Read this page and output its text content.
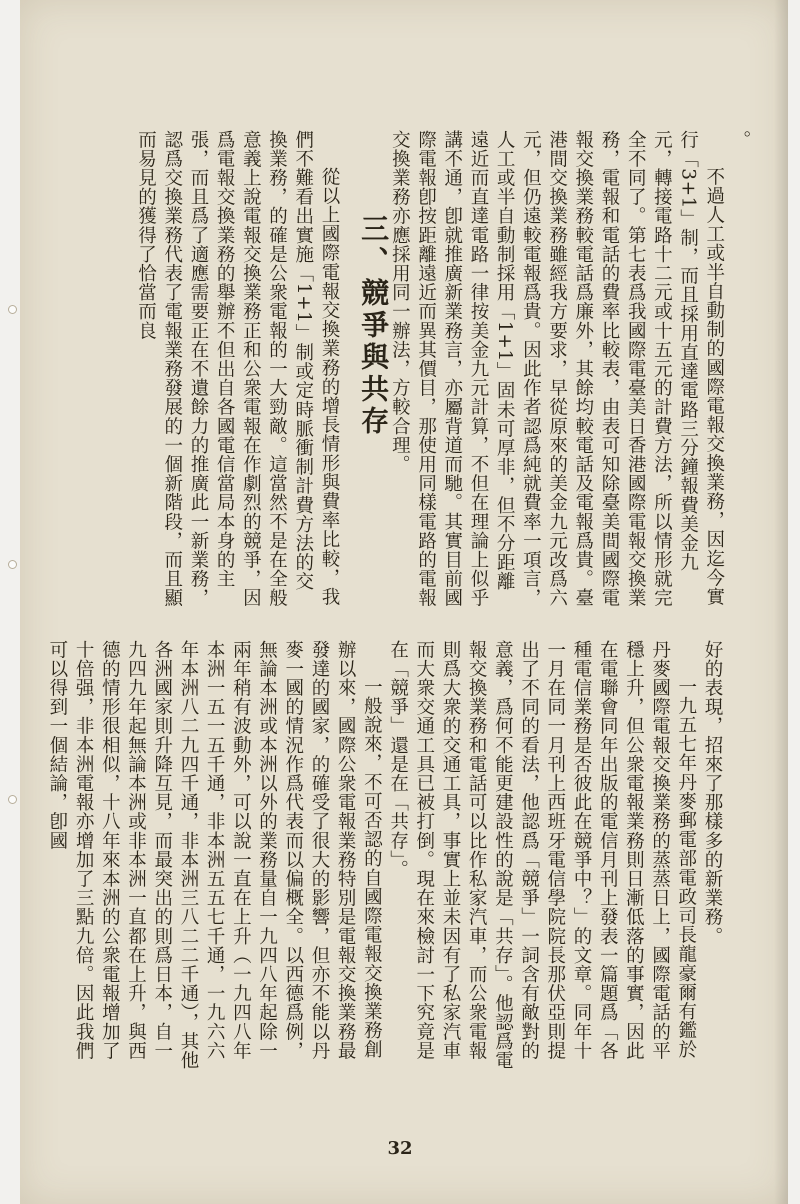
。

不過人工或半自動制的國際電報交換業務，因迄今實行「3+1」制，而且採用直達電路三分鐘報費美金九元，轉接電路十二元或十五元的計費方法，所以情形就完全不同了。第七表爲我國際電臺美日香港國際電報交換業務，電報和電話的費率比較表，由表可知除臺美間國際電報交換業務較電話爲廉外，其餘均較電話及電報爲貴。臺港間交換業務雖經我方要求，早從原來的美金九元改爲六元，但仍遠較電報爲貴。因此作者認爲純就費率一項言，人工或半自動制採用「1+1」固未可厚非，但不分距離遠近而直達電路一律按美金九元計算，不但在理論上似乎講不通，卽就推廣新業務言，亦屬背道而馳。其實目前國際電報卽按距離遠近而異其價目，那使用同樣電路的電報交換業務亦應採用同一辦法，方較合理。

三、競爭與共存

從以上國際電報交換業務的增長情形與費率比較，我們不難看出實施「1+1」制或定時脈衝制計費方法的交換業務，的確是公衆電報的一大勁敵。這當然不是在全般意義上說電報交換業務正和公衆電報在作劇烈的競爭，因爲電報交換業務的舉辦不但出自各國電信當局本身的主張，而且爲了適應需要正在不遺餘力的推廣此一新業務，認爲交換業務代表了電報業務發展的一個新階段，而且顯而易見的獲得了恰當而良

好的表現，招來了那樣多的新業務。

一九五七年丹麥郵電部電政司長龍豪爾有鑑於丹麥國際電報交換業務的蒸蒸日上，國際電話的平穩上升，但公衆電報業務則日漸低落的事實，因此在電聯會同年出版的電信月刊上發表一篇題爲「各種電信業務是否彼此在競爭中？」的文章。同年十一月在同一月刊上西班牙電信學院院長那伏亞則提出了不同的看法，他認爲「競爭」一詞含有敵對的意義，爲何不能更建設性的說是「共存」。他認爲電報交換業務和電話可以比作私家汽車，而公衆電報則爲大衆的交通工具，事實上並未因有了私家汽車而大衆交通工具已被打倒。現在來檢討一下究竟是在「競爭」還是在「共存」。

一般說來，不可否認的自國際電報交換業務創辦以來，國際公衆電報業務特別是電報交換業務最發達的國家，的確受了很大的影響，但亦不能以丹麥一國的情況作爲代表而以偏概全。以西德爲例，無論本洲或本洲以外的業務量自一九四八年起除一兩年稍有波動外，可以說一直在上升（一九四八年本洲一五一五千通，非本洲五五七千通，一九六六年本洲八二九四千通，非本洲三八二二千通），其他各洲國家則升降互見，而最突出的則爲日本，自一九四九年起無論本洲或非本洲一直都在上升，與西德的情形很相似，十八年來本洲的公衆電報增加了十倍强，非本洲電報亦增加了三點九倍。因此我們可以得到一個結論，卽國

32
